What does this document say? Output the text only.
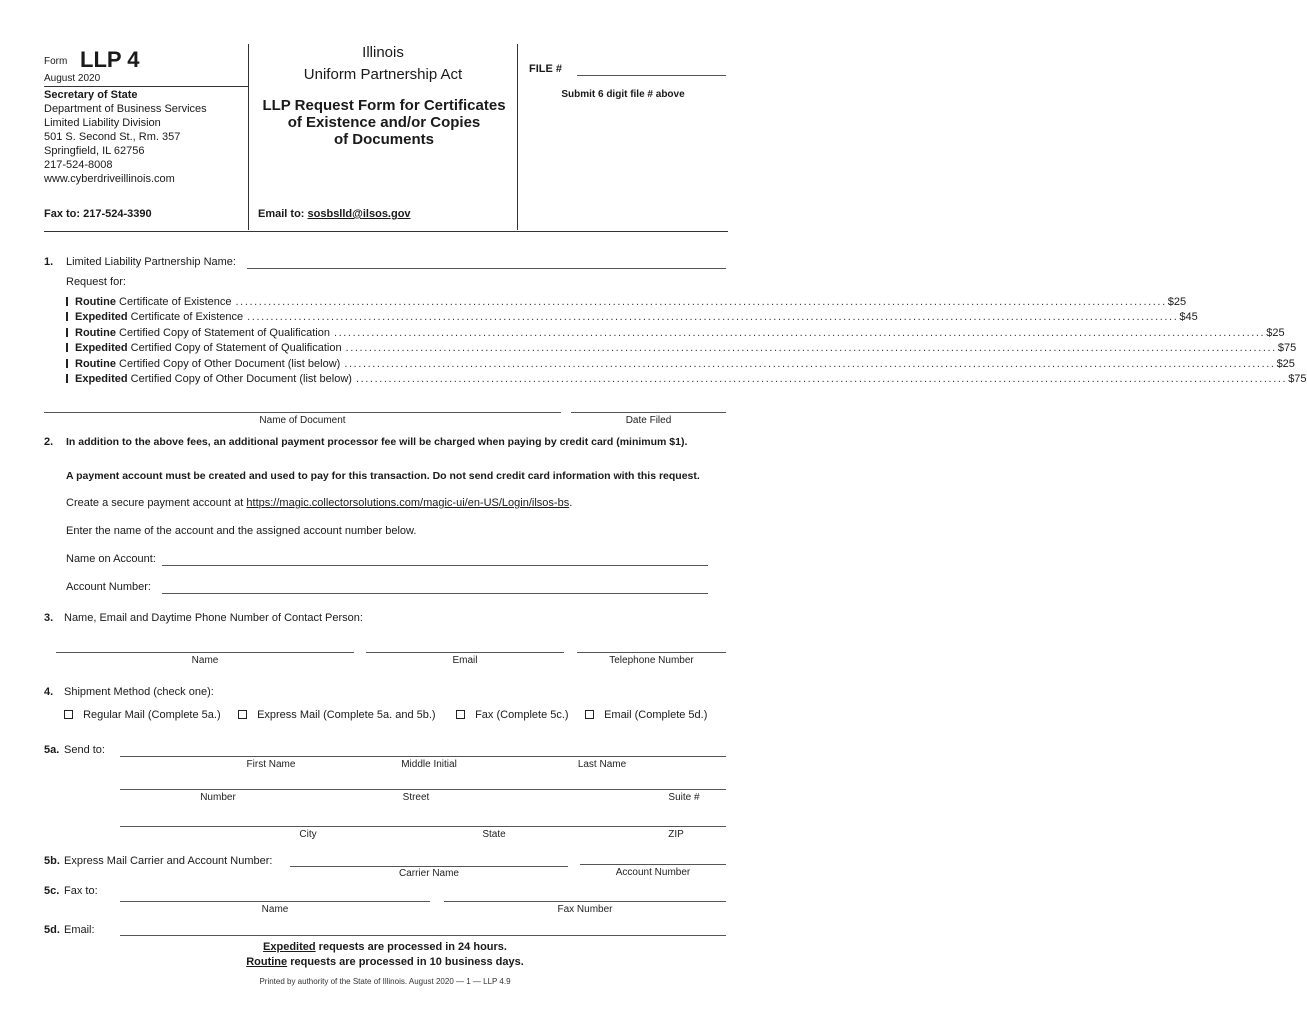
Form LLP 4
August 2020
Secretary of State
Department of Business Services
Limited Liability Division
501 S. Second St., Rm. 357
Springfield, IL 62756
217-524-8008
www.cyberdriveillinois.com
Illinois
Uniform Partnership Act
LLP Request Form for Certificates
of Existence and/or Copies
of Documents
FILE #
Submit 6 digit file # above
Fax to: 217-524-3390	Email to: sosbslld@ilsos.gov
1. Limited Liability Partnership Name:
Request for:
Routine Certificate of Existence ........................................................................................................................................................................................................ $25
Expedited Certificate of Existence ........................................................................................................................................................................................................ $45
Routine Certified Copy of Statement of Qualification ........................................................................................................................................................................................................ $25
Expedited Certified Copy of Statement of Qualification ........................................................................................................................................................................................................ $75
Routine Certified Copy of Other Document (list below) ........................................................................................................................................................................................................ $25
Expedited Certified Copy of Other Document (list below) ........................................................................................................................................................................................................ $75
Name of Document	Date Filed
2. In addition to the above fees, an additional payment processor fee will be charged when paying by credit card (minimum $1).
A payment account must be created and used to pay for this transaction. Do not send credit card information with this request.
Create a secure payment account at https://magic.collectorsolutions.com/magic-ui/en-US/Login/ilsos-bs.
Enter the name of the account and the assigned account number below.
Name on Account:
Account Number:
3. Name, Email and Daytime Phone Number of Contact Person:
Name	Email	Telephone Number
4. Shipment Method (check one):
Regular Mail (Complete 5a.)	Express Mail (Complete 5a. and 5b.)	Fax (Complete 5c.)	Email (Complete 5d.)
5a. Send to:
First Name	Middle Initial	Last Name
Number	Street	Suite #
City	State	ZIP
5b. Express Mail Carrier and Account Number:
Carrier Name	Account Number
5c. Fax to:
Name	Fax Number
5d. Email:
Expedited requests are processed in 24 hours.
Routine requests are processed in 10 business days.
Printed by authority of the State of Illinois. August 2020 — 1 — LLP 4.9
